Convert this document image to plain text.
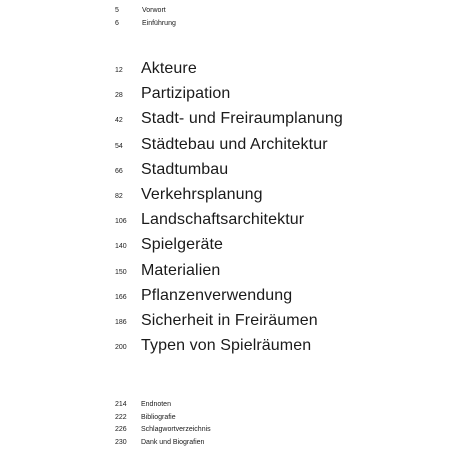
5	Vorwort
6	Einführung
12 Akteure
28 Partizipation
42 Stadt- und Freiraumplanung
54 Städtebau und Architektur
66 Stadtumbau
82 Verkehrsplanung
106 Landschaftsarchitektur
140 Spielgeräte
150 Materialien
166 Pflanzenverwendung
186 Sicherheit in Freiräumen
200 Typen von Spielräumen
214 Endnoten
222 Bibliografie
226 Schlagwortverzeichnis
230 Dank und Biografien
